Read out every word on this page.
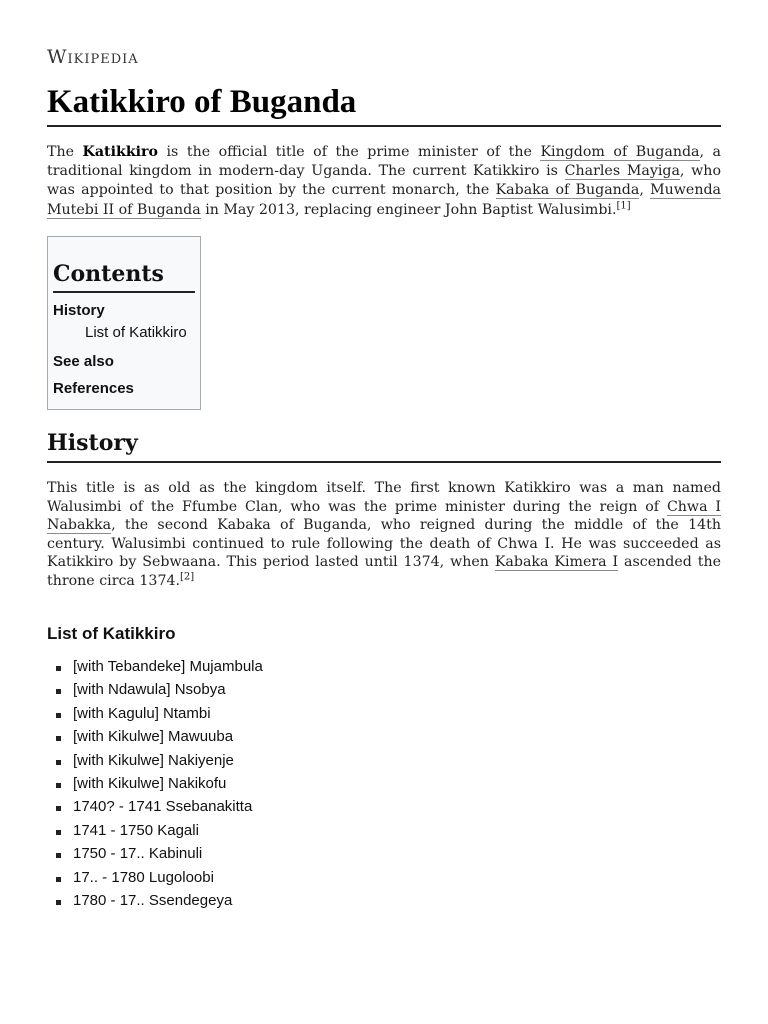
Wikipedia
Katikkiro of Buganda

The Katikkiro is the official title of the prime minister of the Kingdom of Buganda, a traditional kingdom in modern-day Uganda. The current Katikkiro is Charles Mayiga, who was appointed to that position by the current monarch, the Kabaka of Buganda, Muwenda Mutebi II of Buganda in May 2013, replacing engineer John Baptist Walusimbi.[1]

Contents
History
List of Katikkiro
See also
References
History

This title is as old as the kingdom itself. The first known Katikkiro was a man named Walusimbi of the Ffumbe Clan, who was the prime minister during the reign of Chwa I Nabakka, the second Kabaka of Buganda, who reigned during the middle of the 14th century. Walusimbi continued to rule following the death of Chwa I. He was succeeded as Katikkiro by Sebwaana. This period lasted until 1374, when Kabaka Kimera I ascended the throne circa 1374.[2]

List of Katikkiro
[with Tebandeke] Mujambula
[with Ndawula] Nsobya
[with Kagulu] Ntambi
[with Kikulwe] Mawuuba
[with Kikulwe] Nakiyenje
[with Kikulwe] Nakikofu
1740? - 1741 Ssebanakitta
1741 - 1750 Kagali
1750 - 17.. Kabinuli
17.. - 1780 Lugoloobi
1780 - 17.. Ssendegeya
